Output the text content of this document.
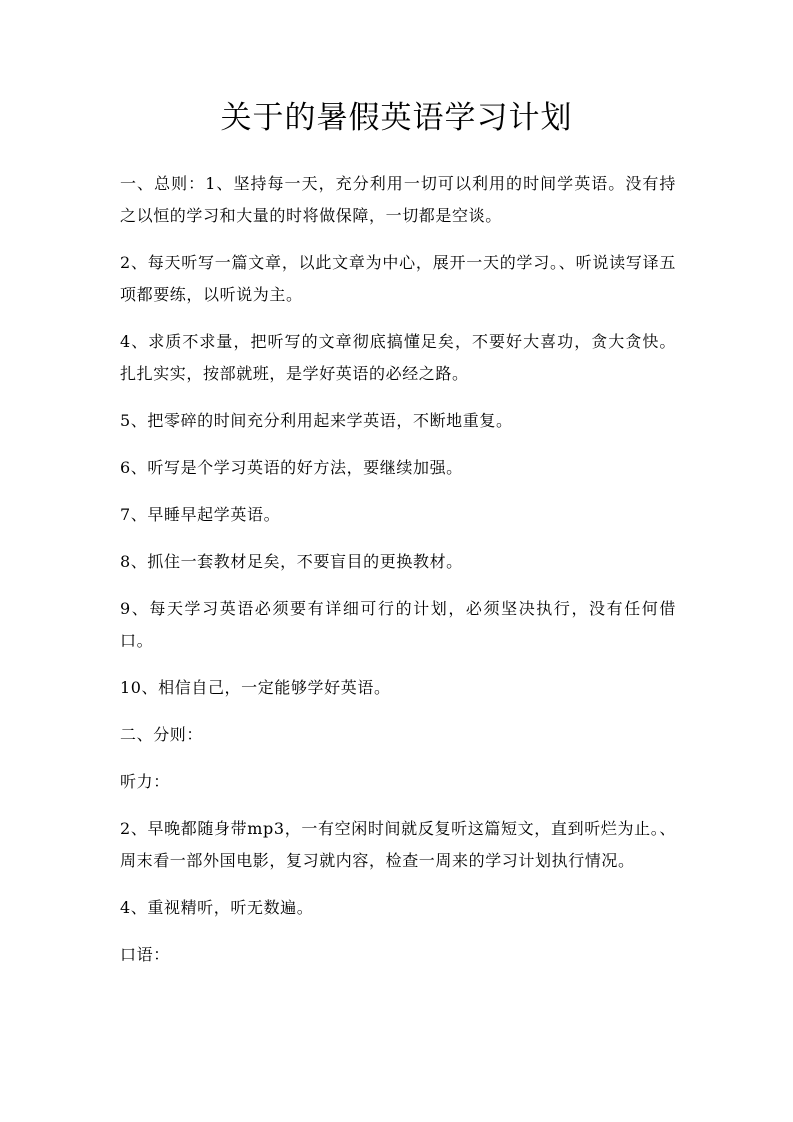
关于的暑假英语学习计划

一、总则：1、坚持每一天，充分利用一切可以利用的时间学英语。没有持之以恒的学习和大量的时将做保障，一切都是空谈。

2、每天听写一篇文章，以此文章为中心，展开一天的学习。、听说读写译五项都要练，以听说为主。

4、求质不求量，把听写的文章彻底搞懂足矣，不要好大喜功，贪大贪快。扎扎实实，按部就班，是学好英语的必经之路。

5、把零碎的时间充分利用起来学英语，不断地重复。

6、听写是个学习英语的好方法，要继续加强。

7、早睡早起学英语。

8、抓住一套教材足矣，不要盲目的更换教材。

9、每天学习英语必须要有详细可行的计划，必须坚决执行，没有任何借口。

10、相信自己，一定能够学好英语。

二、分则：

听力：

2、早晚都随身带mp3，一有空闲时间就反复听这篇短文，直到听烂为止。、周末看一部外国电影，复习就内容，检查一周来的学习计划执行情况。

4、重视精听，听无数遍。

口语：
